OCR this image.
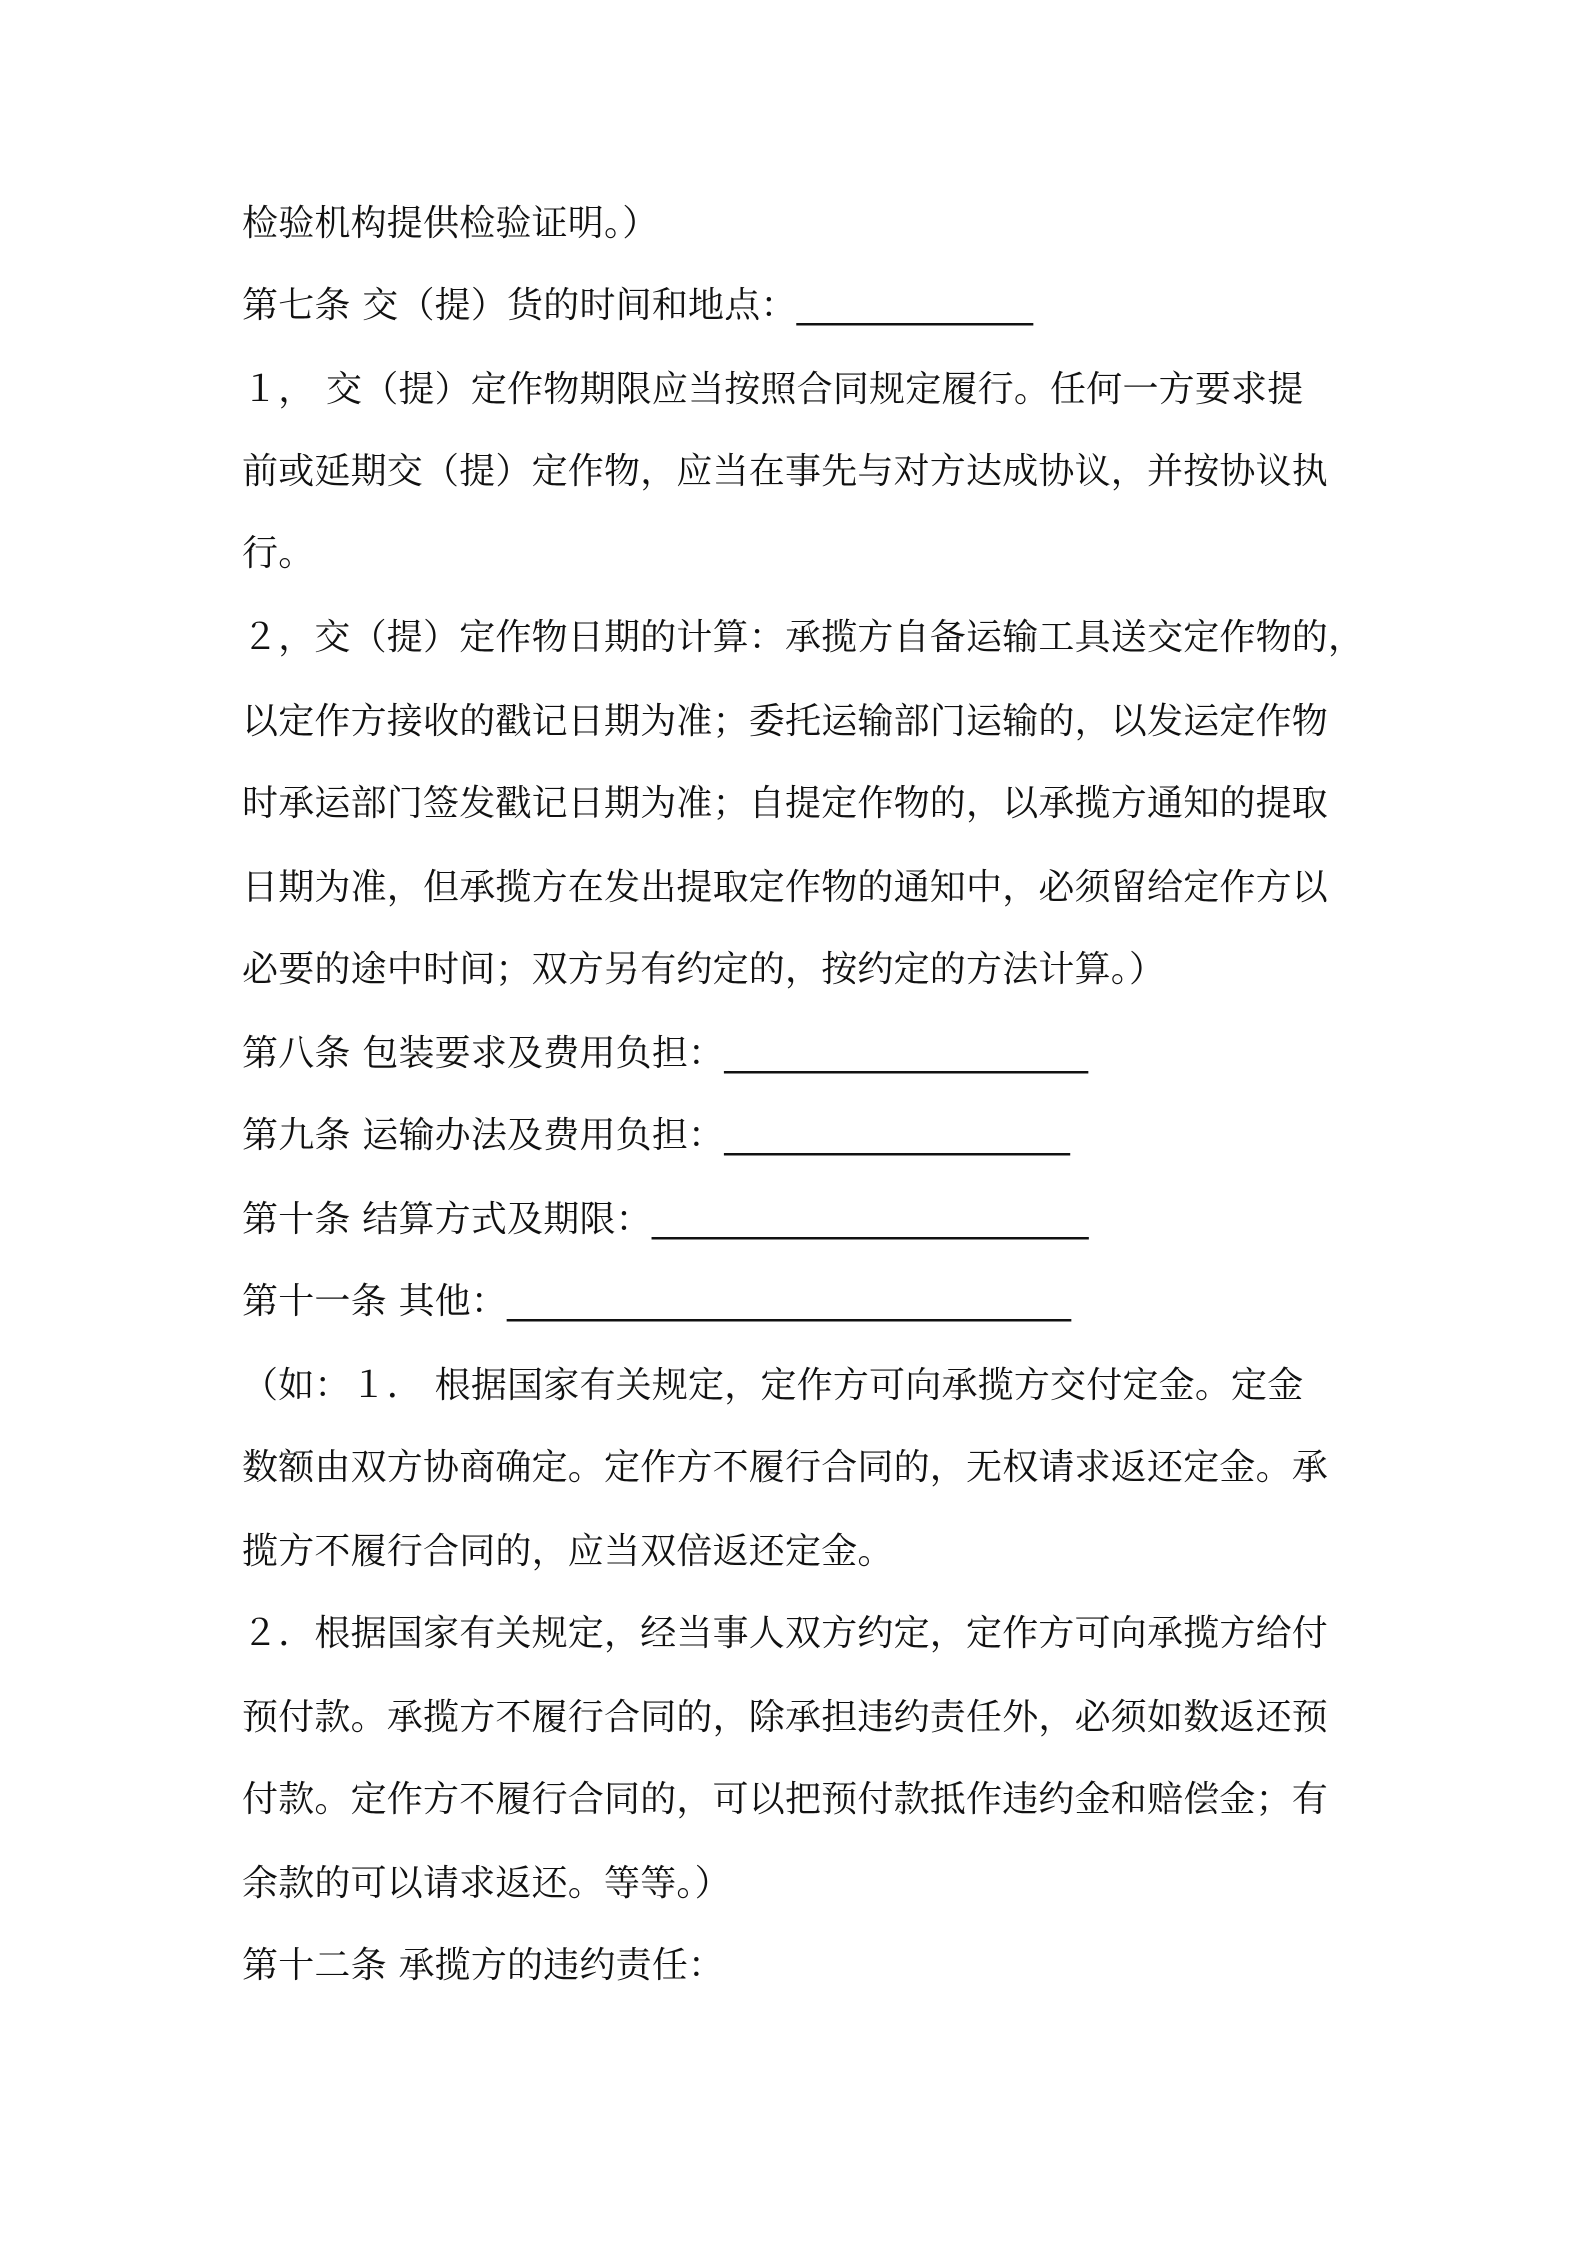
检验机构提供检验证明。）
第七条 交（提）货的时间和地点：_____________
１， 交（提）定作物期限应当按照合同规定履行。任何一方要求提
前或延期交（提）定作物，应当在事先与对方达成协议，并按协议执
行。
２，交（提）定作物日期的计算：承揽方自备运输工具送交定作物的，
以定作方接收的戳记日期为准；委托运输部门运输的，以发运定作物
时承运部门签发戳记日期为准；自提定作物的，以承揽方通知的提取
日期为准，但承揽方在发出提取定作物的通知中，必须留给定作方以
必要的途中时间；双方另有约定的，按约定的方法计算。）
第八条 包装要求及费用负担：____________________
第九条 运输办法及费用负担：___________________
第十条 结算方式及期限：________________________
第十一条 其他：_______________________________
（如：１． 根据国家有关规定，定作方可向承揽方交付定金。定金
数额由双方协商确定。定作方不履行合同的，无权请求返还定金。承
揽方不履行合同的，应当双倍返还定金。
２．根据国家有关规定，经当事人双方约定，定作方可向承揽方给付
预付款。承揽方不履行合同的，除承担违约责任外，必须如数返还预
付款。定作方不履行合同的，可以把预付款抵作违约金和赔偿金；有
余款的可以请求返还。等等。）
第十二条 承揽方的违约责任：
